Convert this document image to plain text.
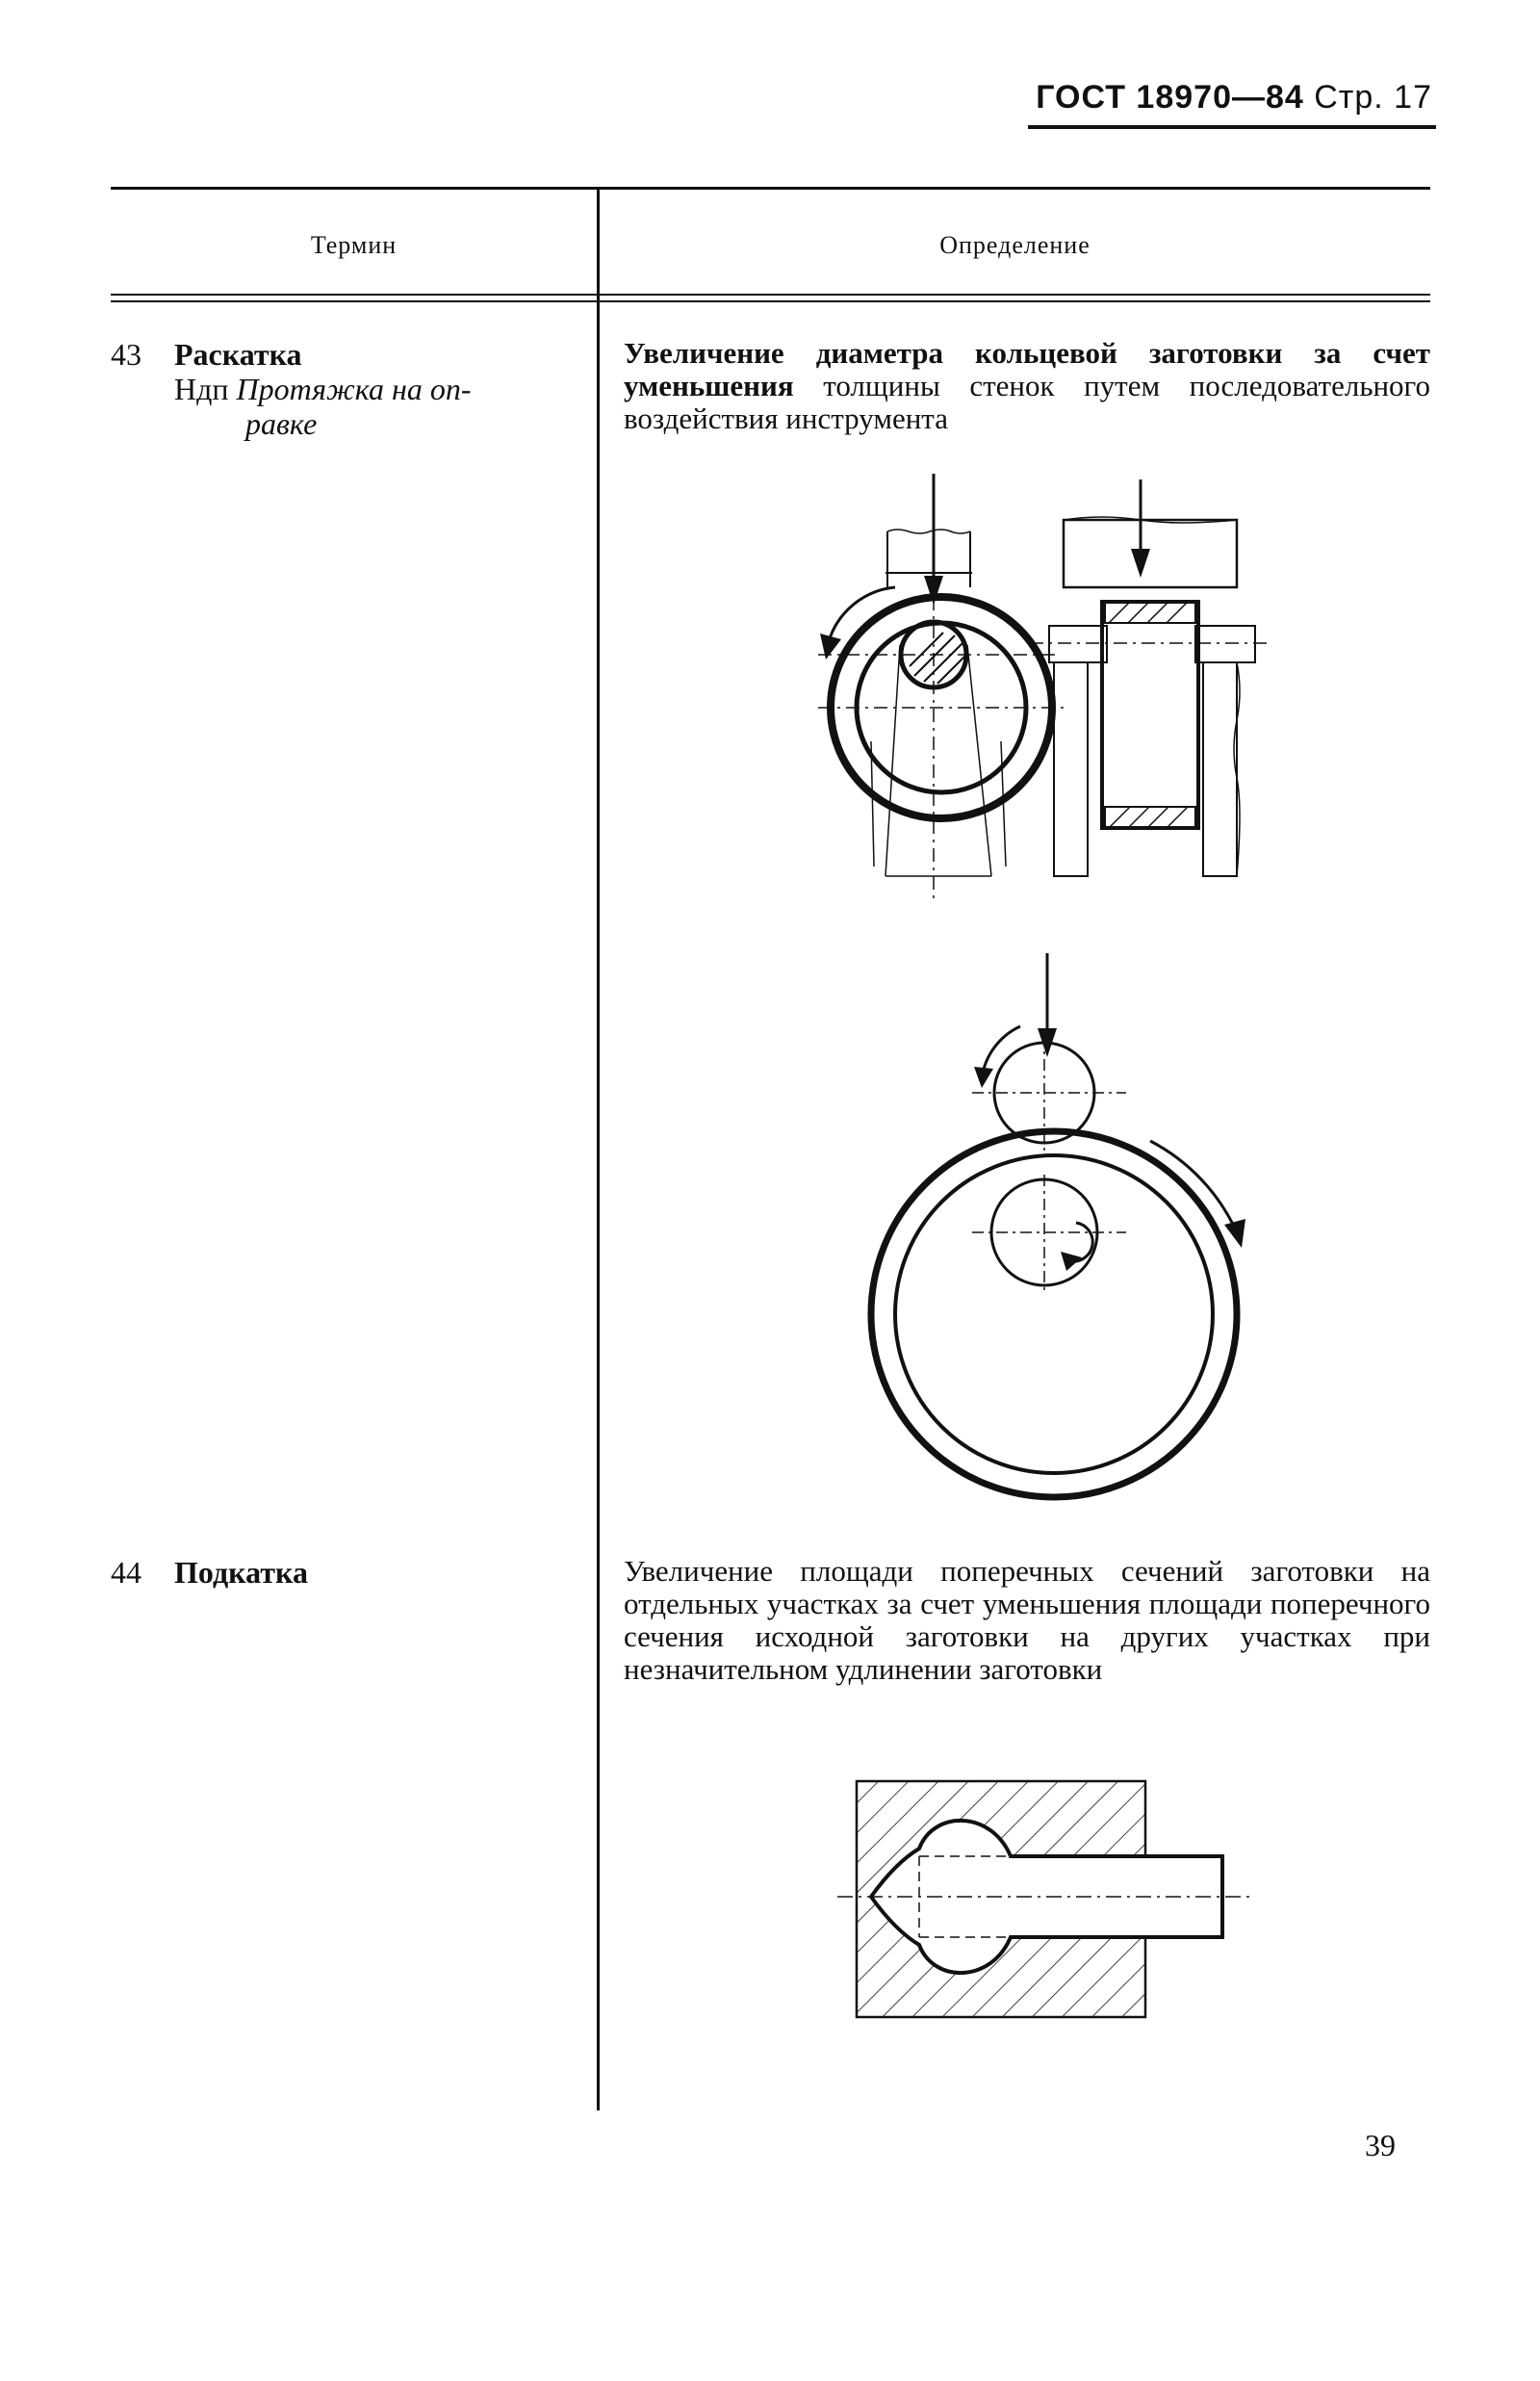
ГОСТ 18970—84 Стр. 17
Термин	Определение
43 Раскатка
Ндп Протяжка на оп-
равке
Увеличение диаметра кольцевой заготовки за счет уменьшения толщины стенок путем последовательного воздействия инструмента
44 Подкатка	Увеличение площади поперечных сечений заготовки на отдельных участках за счет уменьшения площади поперечного сечения исходной заготовки на других участках при незначительном удлинении заготовки
39
